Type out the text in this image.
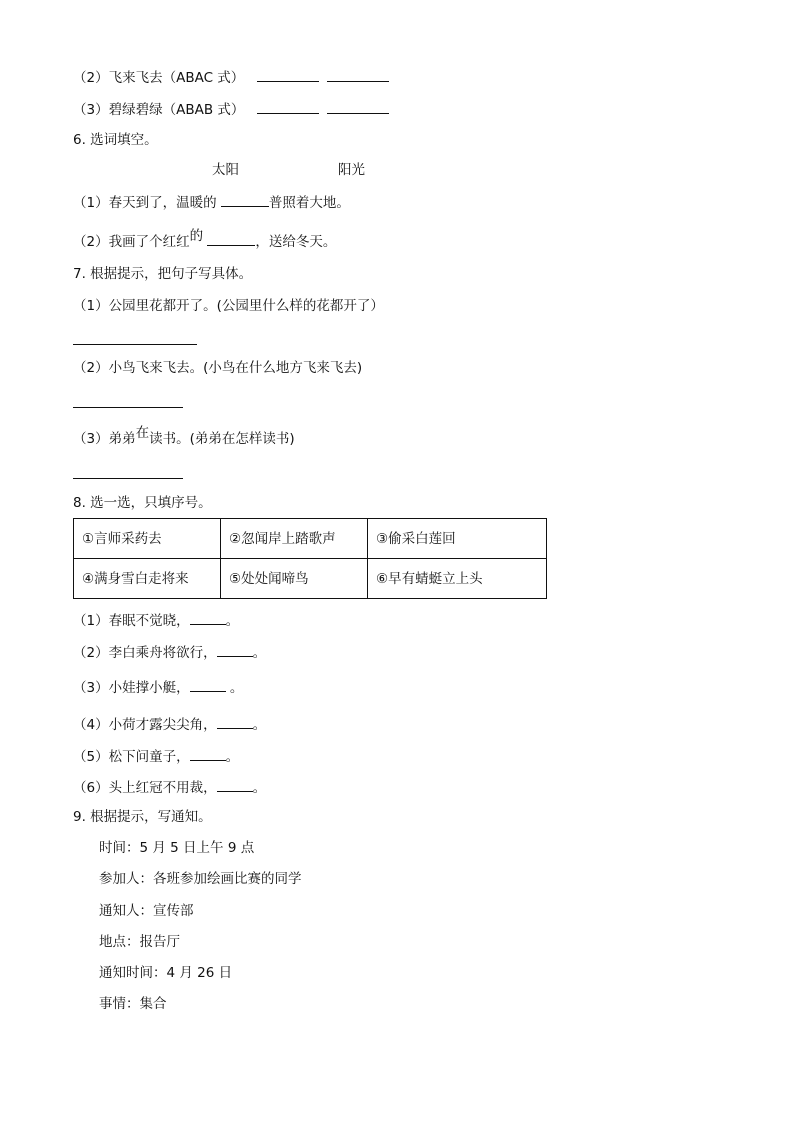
（2）飞来飞去（ABAC 式）
（3）碧绿碧绿（ABAB 式）
6. 选词填空。
太阳	阳光
（1）春天到了，温暖的	普照着大地。
（2）我画了个红红的	，送给冬天。
7. 根据提示，把句子写具体。
（1）公园里花都开了。(公园里什么样的花都开了）
（2）小鸟飞来飞去。(小鸟在什么地方飞来飞去)
（3）弟弟在读书。(弟弟在怎样读书)
8. 选一选，只填序号。
①言师采药去	②忽闻岸上踏歌声	③偷采白莲回
④满身雪白走将来	⑤处处闻啼鸟	⑥早有蜻蜓立上头
（1）春眠不觉晓，	。
（2）李白乘舟将欲行，	。
（3）小娃撑小艇，	。
（4）小荷才露尖尖角，	。
（5）松下问童子，	。
（6）头上红冠不用裁，	。
9. 根据提示，写通知。
时间：5 月 5 日上午 9 点
参加人：各班参加绘画比赛的同学
通知人：宣传部
地点：报告厅
通知时间：4 月 26 日
事情：集合
